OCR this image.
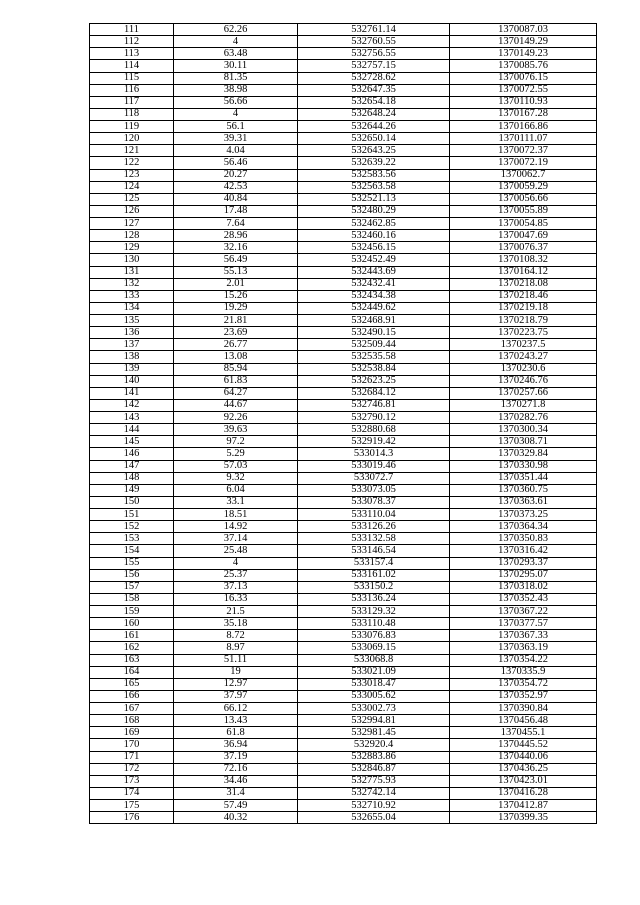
111	62.26	532761.14	1370087.03
112	4	532760.55	1370149.29
113	63.48	532756.55	1370149.23
114	30.11	532757.15	1370085.76
115	81.35	532728.62	1370076.15
116	38.98	532647.35	1370072.55
117	56.66	532654.18	1370110.93
118	4	532648.24	1370167.28
119	56.1	532644.26	1370166.86
120	39.31	532650.14	1370111.07
121	4.04	532643.25	1370072.37
122	56.46	532639.22	1370072.19
123	20.27	532583.56	1370062.7
124	42.53	532563.58	1370059.29
125	40.84	532521.13	1370056.66
126	17.48	532480.29	1370055.89
127	7.64	532462.85	1370054.85
128	28.96	532460.16	1370047.69
129	32.16	532456.15	1370076.37
130	56.49	532452.49	1370108.32
131	55.13	532443.69	1370164.12
132	2.01	532432.41	1370218.08
133	15.26	532434.38	1370218.46
134	19.29	532449.62	1370219.18
135	21.81	532468.91	1370218.79
136	23.69	532490.15	1370223.75
137	26.77	532509.44	1370237.5
138	13.08	532535.58	1370243.27
139	85.94	532538.84	1370230.6
140	61.83	532623.25	1370246.76
141	64.27	532684.12	1370257.66
142	44.67	532746.81	1370271.8
143	92.26	532790.12	1370282.76
144	39.63	532880.68	1370300.34
145	97.2	532919.42	1370308.71
146	5.29	533014.3	1370329.84
147	57.03	533019.46	1370330.98
148	9.32	533072.7	1370351.44
149	6.04	533073.05	1370360.75
150	33.1	533078.37	1370363.61
151	18.51	533110.04	1370373.25
152	14.92	533126.26	1370364.34
153	37.14	533132.58	1370350.83
154	25.48	533146.54	1370316.42
155	4	533157.4	1370293.37
156	25.37	533161.02	1370295.07
157	37.13	533150.2	1370318.02
158	16.33	533136.24	1370352.43
159	21.5	533129.32	1370367.22
160	35.18	533110.48	1370377.57
161	8.72	533076.83	1370367.33
162	8.97	533069.15	1370363.19
163	51.11	533068.8	1370354.22
164	19	533021.09	1370335.9
165	12.97	533018.47	1370354.72
166	37.97	533005.62	1370352.97
167	66.12	533002.73	1370390.84
168	13.43	532994.81	1370456.48
169	61.8	532981.45	1370455.1
170	36.94	532920.4	1370445.52
171	37.19	532883.86	1370440.06
172	72.16	532846.87	1370436.25
173	34.46	532775.93	1370423.01
174	31.4	532742.14	1370416.28
175	57.49	532710.92	1370412.87
176	40.32	532655.04	1370399.35
